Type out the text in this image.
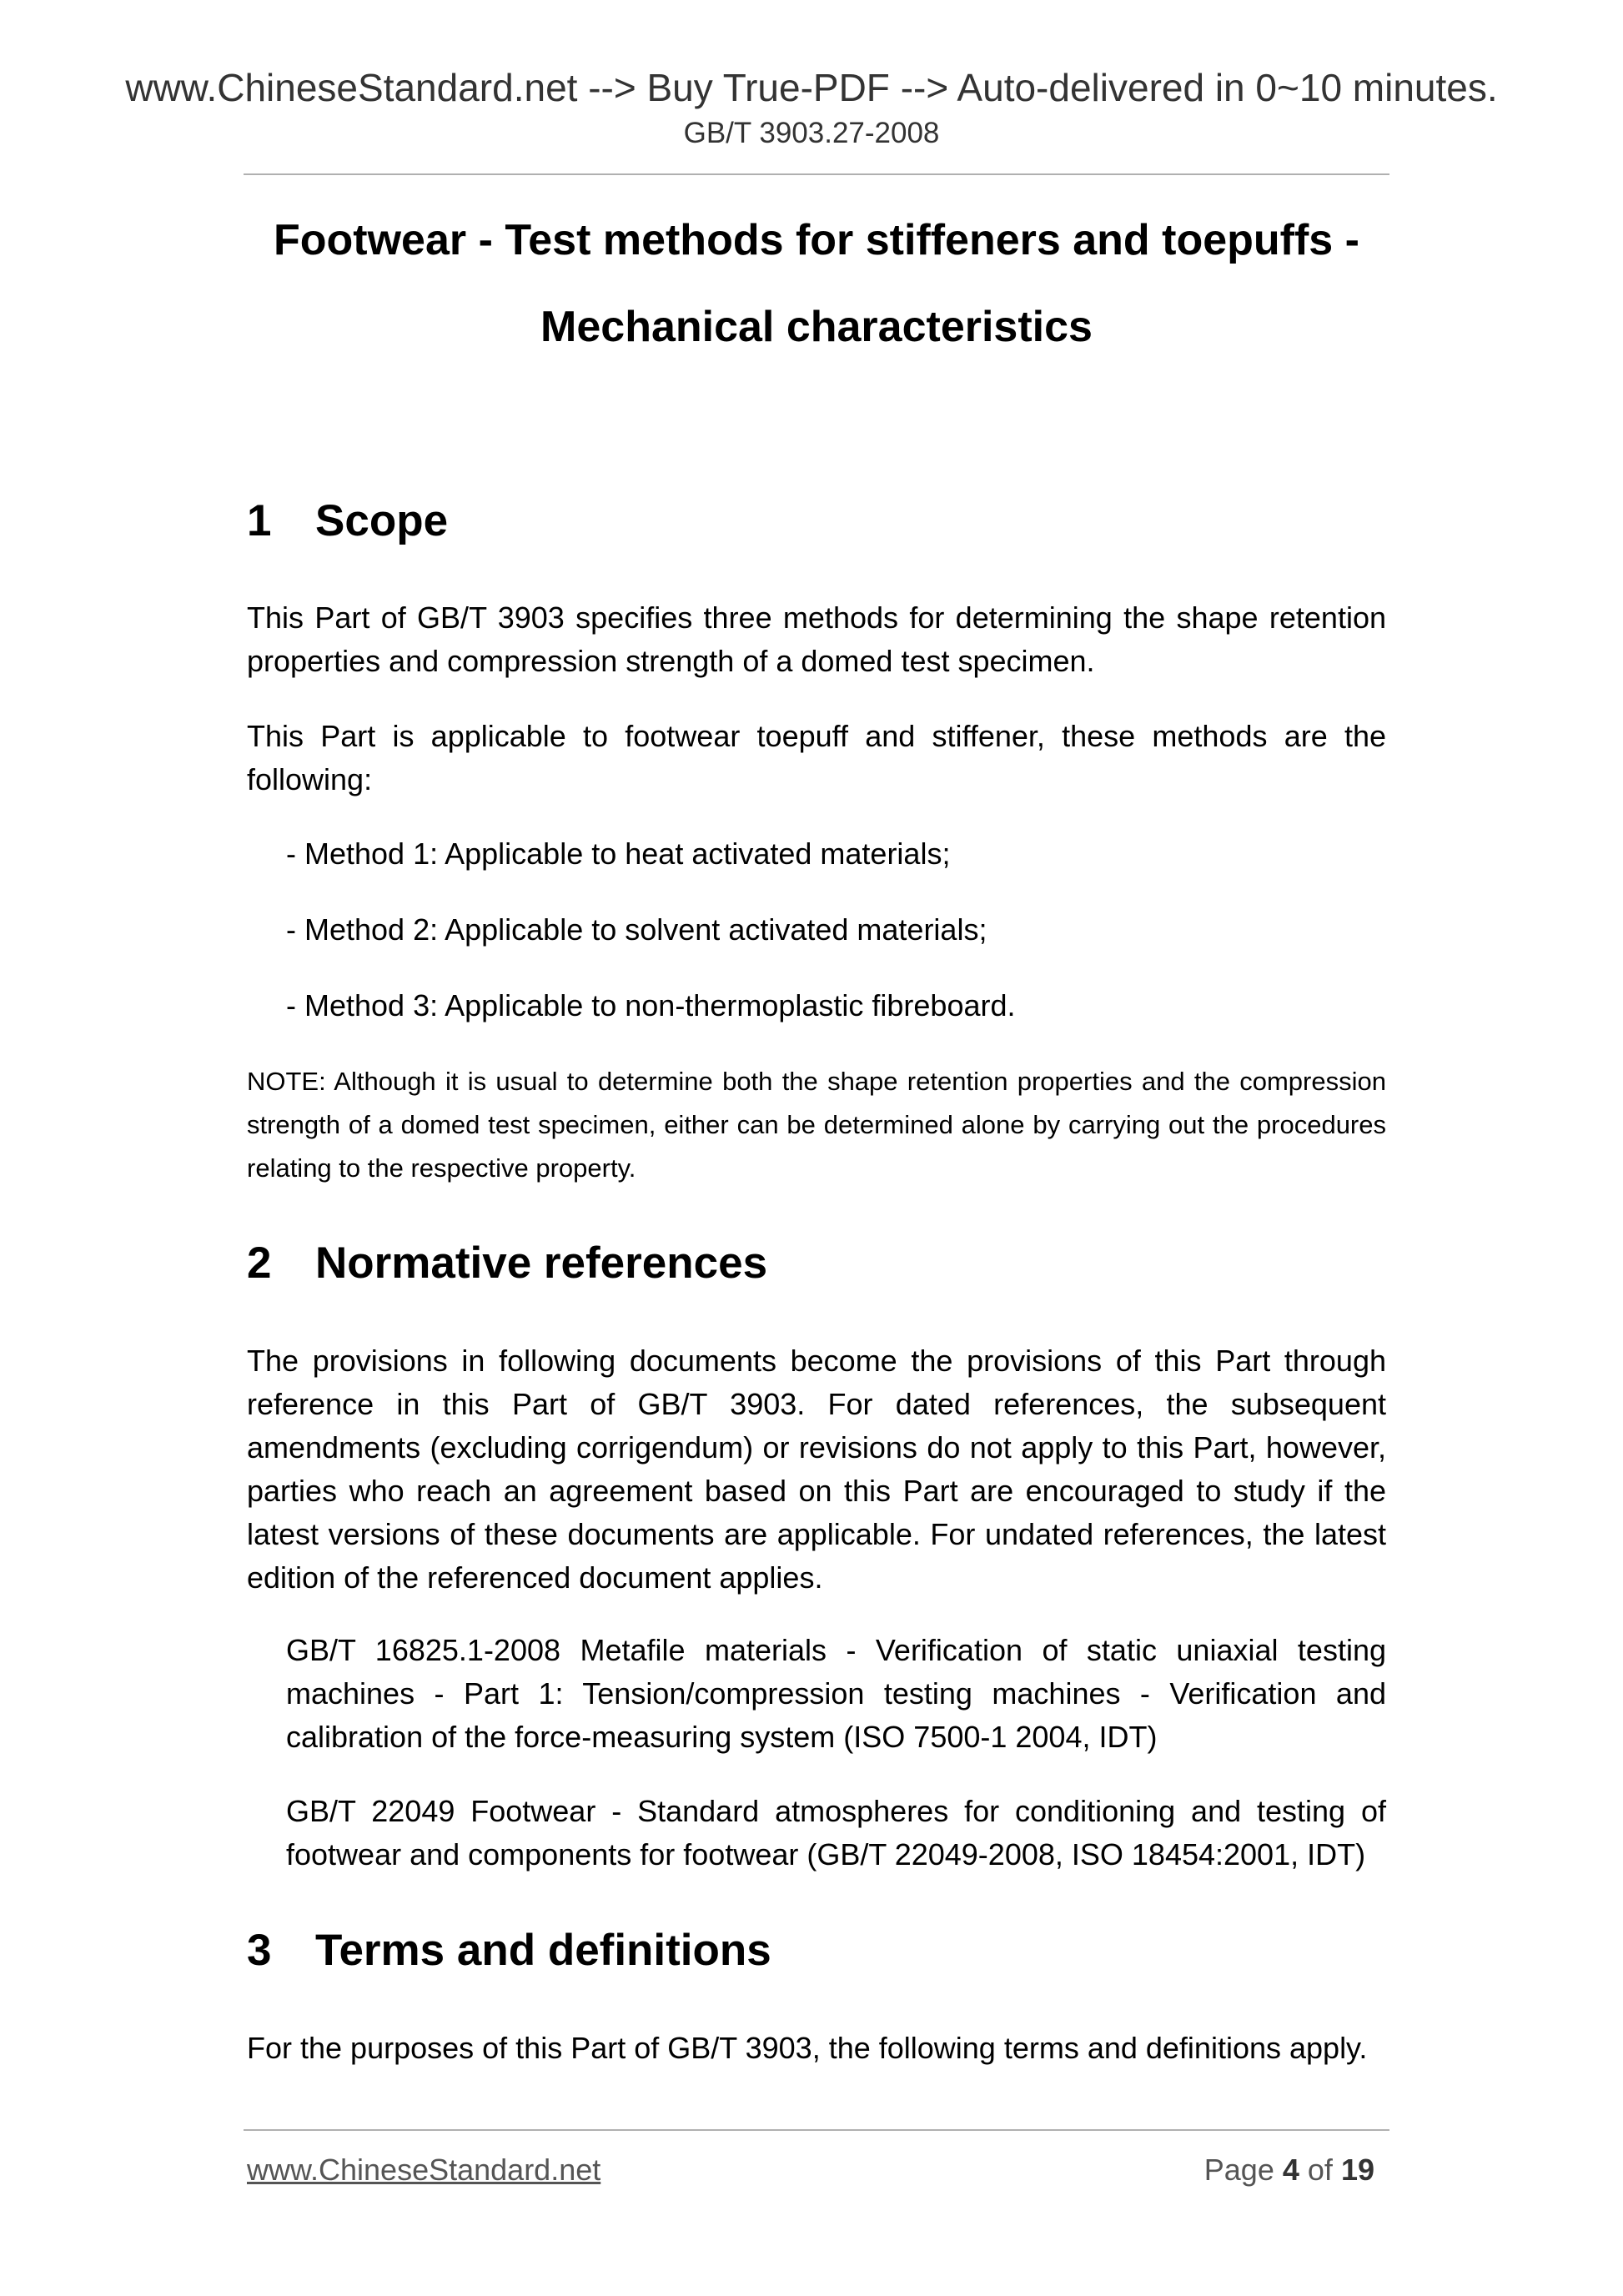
www.ChineseStandard.net --> Buy True-PDF --> Auto-delivered in 0~10 minutes.
GB/T 3903.27-2008
Footwear - Test methods for stiffeners and toepuffs -
Mechanical characteristics
1 Scope

This Part of GB/T 3903 specifies three methods for determining the shape retention properties and compression strength of a domed test specimen.

This Part is applicable to footwear toepuff and stiffener, these methods are the following:

- Method 1: Applicable to heat activated materials;

- Method 2: Applicable to solvent activated materials;

- Method 3: Applicable to non-thermoplastic fibreboard.

NOTE: Although it is usual to determine both the shape retention properties and the compression strength of a domed test specimen, either can be determined alone by carrying out the procedures relating to the respective property.

2 Normative references

The provisions in following documents become the provisions of this Part through reference in this Part of GB/T 3903. For dated references, the subsequent amendments (excluding corrigendum) or revisions do not apply to this Part, however, parties who reach an agreement based on this Part are encouraged to study if the latest versions of these documents are applicable. For undated references, the latest edition of the referenced document applies.

GB/T 16825.1-2008 Metafile materials - Verification of static uniaxial testing machines - Part 1: Tension/compression testing machines - Verification and calibration of the force-measuring system (ISO 7500-1 2004, IDT)

GB/T 22049 Footwear - Standard atmospheres for conditioning and testing of footwear and components for footwear (GB/T 22049-2008, ISO 18454:2001, IDT)

3 Terms and definitions

For the purposes of this Part of GB/T 3903, the following terms and definitions apply.

www.ChineseStandard.net	Page 4 of 19
